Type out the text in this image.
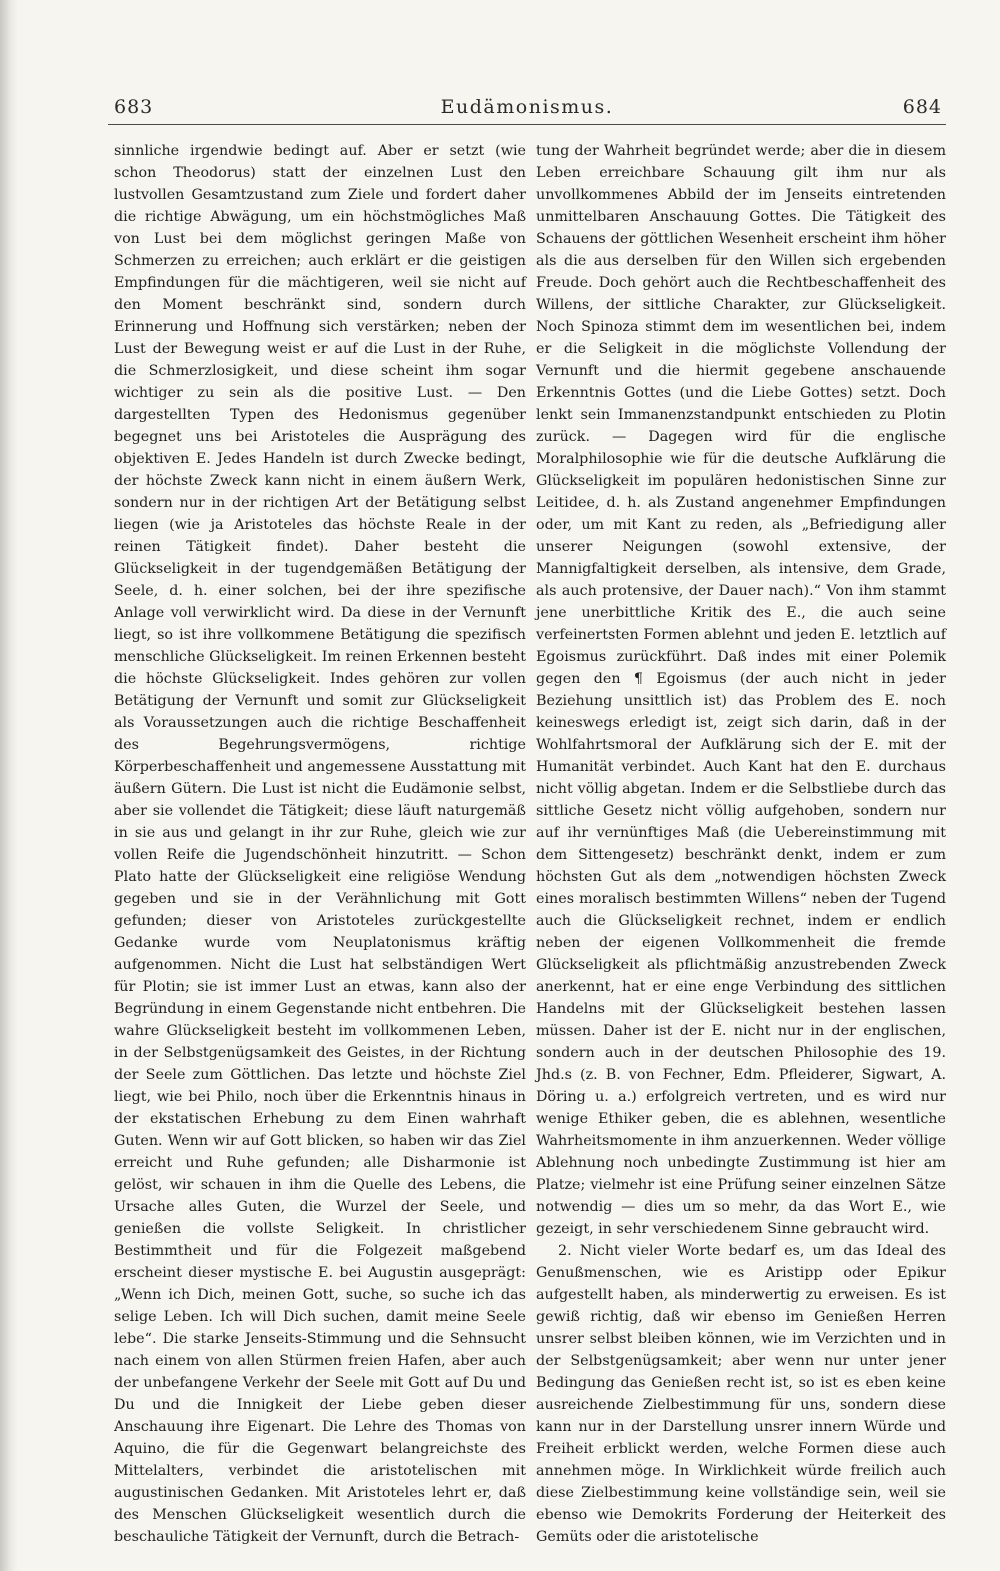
683	Eudämonismus.	684

sinnliche irgendwie bedingt auf. Aber er setzt (wie schon Theodorus) statt der einzelnen Lust den lustvollen Gesamtzustand zum Ziele und fordert daher die richtige Abwägung, um ein höchstmögliches Maß von Lust bei dem möglichst geringen Maße von Schmerzen zu erreichen; auch erklärt er die geistigen Empfindungen für die mächtigeren, weil sie nicht auf den Moment beschränkt sind, sondern durch Erinnerung und Hoffnung sich verstärken; neben der Lust der Bewegung weist er auf die Lust in der Ruhe, die Schmerzlosigkeit, und diese scheint ihm sogar wichtiger zu sein als die positive Lust. — Den dargestellten Typen des Hedonismus gegenüber begegnet uns bei Aristoteles die Ausprägung des objektiven E. Jedes Handeln ist durch Zwecke bedingt, der höchste Zweck kann nicht in einem äußern Werk, sondern nur in der richtigen Art der Betätigung selbst liegen (wie ja Aristoteles das höchste Reale in der reinen Tätigkeit findet). Daher besteht die Glückseligkeit in der tugendgemäßen Betätigung der Seele, d. h. einer solchen, bei der ihre spezifische Anlage voll verwirklicht wird. Da diese in der Vernunft liegt, so ist ihre vollkommene Betätigung die spezifisch menschliche Glückseligkeit. Im reinen Erkennen besteht die höchste Glückseligkeit. Indes gehören zur vollen Betätigung der Vernunft und somit zur Glückseligkeit als Voraussetzungen auch die richtige Beschaffenheit des Begehrungsvermögens, richtige Körperbeschaffenheit und angemessene Ausstattung mit äußern Gütern. Die Lust ist nicht die Eudämonie selbst, aber sie vollendet die Tätigkeit; diese läuft naturgemäß in sie aus und gelangt in ihr zur Ruhe, gleich wie zur vollen Reife die Jugendschönheit hinzutritt. — Schon Plato hatte der Glückseligkeit eine religiöse Wendung gegeben und sie in der Verähnlichung mit Gott gefunden; dieser von Aristoteles zurückgestellte Gedanke wurde vom Neuplatonismus kräftig aufgenommen. Nicht die Lust hat selbständigen Wert für Plotin; sie ist immer Lust an etwas, kann also der Begründung in einem Gegenstande nicht entbehren. Die wahre Glückseligkeit besteht im vollkommenen Leben, in der Selbstgenügsamkeit des Geistes, in der Richtung der Seele zum Göttlichen. Das letzte und höchste Ziel liegt, wie bei Philo, noch über die Erkenntnis hinaus in der ekstatischen Erhebung zu dem Einen wahrhaft Guten. Wenn wir auf Gott blicken, so haben wir das Ziel erreicht und Ruhe gefunden; alle Disharmonie ist gelöst, wir schauen in ihm die Quelle des Lebens, die Ursache alles Guten, die Wurzel der Seele, und genießen die vollste Seligkeit. In christlicher Bestimmtheit und für die Folgezeit maßgebend erscheint dieser mystische E. bei Augustin ausgeprägt: „Wenn ich Dich, meinen Gott, suche, so suche ich das selige Leben. Ich will Dich suchen, damit meine Seele lebe“. Die starke Jenseits-Stimmung und die Sehnsucht nach einem von allen Stürmen freien Hafen, aber auch der unbefangene Verkehr der Seele mit Gott auf Du und Du und die Innigkeit der Liebe geben dieser Anschauung ihre Eigenart. Die Lehre des Thomas von Aquino, die für die Gegenwart belangreichste des Mittelalters, verbindet die aristotelischen mit augustinischen Gedanken. Mit Aristoteles lehrt er, daß des Menschen Glückseligkeit wesentlich durch die beschauliche Tätigkeit der Vernunft, durch die Betrach-

tung der Wahrheit begründet werde; aber die in diesem Leben erreichbare Schauung gilt ihm nur als unvollkommenes Abbild der im Jenseits eintretenden unmittelbaren Anschauung Gottes. Die Tätigkeit des Schauens der göttlichen Wesenheit erscheint ihm höher als die aus derselben für den Willen sich ergebenden Freude. Doch gehört auch die Rechtbeschaffenheit des Willens, der sittliche Charakter, zur Glückseligkeit. Noch Spinoza stimmt dem im wesentlichen bei, indem er die Seligkeit in die möglichste Vollendung der Vernunft und die hiermit gegebene anschauende Erkenntnis Gottes (und die Liebe Gottes) setzt. Doch lenkt sein Immanenzstandpunkt entschieden zu Plotin zurück. — Dagegen wird für die englische Moralphilosophie wie für die deutsche Aufklärung die Glückseligkeit im populären hedonistischen Sinne zur Leitidee, d. h. als Zustand angenehmer Empfindungen oder, um mit Kant zu reden, als „Befriedigung aller unserer Neigungen (sowohl extensive, der Mannigfaltigkeit derselben, als intensive, dem Grade, als auch protensive, der Dauer nach).“ Von ihm stammt jene unerbittliche Kritik des E., die auch seine verfeinertsten Formen ablehnt und jeden E. letztlich auf Egoismus zurückführt. Daß indes mit einer Polemik gegen den ¶ Egoismus (der auch nicht in jeder Beziehung unsittlich ist) das Problem des E. noch keineswegs erledigt ist, zeigt sich darin, daß in der Wohlfahrtsmoral der Aufklärung sich der E. mit der Humanität verbindet. Auch Kant hat den E. durchaus nicht völlig abgetan. Indem er die Selbstliebe durch das sittliche Gesetz nicht völlig aufgehoben, sondern nur auf ihr vernünftiges Maß (die Uebereinstimmung mit dem Sittengesetz) beschränkt denkt, indem er zum höchsten Gut als dem „notwendigen höchsten Zweck eines moralisch bestimmten Willens“ neben der Tugend auch die Glückseligkeit rechnet, indem er endlich neben der eigenen Vollkommenheit die fremde Glückseligkeit als pflichtmäßig anzustrebenden Zweck anerkennt, hat er eine enge Verbindung des sittlichen Handelns mit der Glückseligkeit bestehen lassen müssen. Daher ist der E. nicht nur in der englischen, sondern auch in der deutschen Philosophie des 19. Jhd.s (z. B. von Fechner, Edm. Pfleiderer, Sigwart, A. Döring u. a.) erfolgreich vertreten, und es wird nur wenige Ethiker geben, die es ablehnen, wesentliche Wahrheitsmomente in ihm anzuerkennen. Weder völlige Ablehnung noch unbedingte Zustimmung ist hier am Platze; vielmehr ist eine Prüfung seiner einzelnen Sätze notwendig — dies um so mehr, da das Wort E., wie gezeigt, in sehr verschiedenem Sinne gebraucht wird.

2. Nicht vieler Worte bedarf es, um das Ideal des Genußmenschen, wie es Aristipp oder Epikur aufgestellt haben, als minderwertig zu erweisen. Es ist gewiß richtig, daß wir ebenso im Genießen Herren unsrer selbst bleiben können, wie im Verzichten und in der Selbstgenügsamkeit; aber wenn nur unter jener Bedingung das Genießen recht ist, so ist es eben keine ausreichende Zielbestimmung für uns, sondern diese kann nur in der Darstellung unsrer innern Würde und Freiheit erblickt werden, welche Formen diese auch annehmen möge. In Wirklichkeit würde freilich auch diese Zielbestimmung keine vollständige sein, weil sie ebenso wie Demokrits Forderung der Heiterkeit des Gemüts oder die aristotelische
